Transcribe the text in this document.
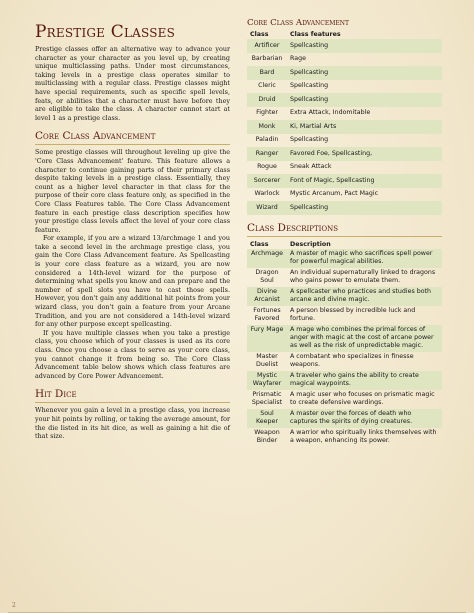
Prestige Classes

Prestige classes offer an alternative way to advance your character as your character as you level up, by creating unique multiclassing paths. Under most circumstances, taking levels in a prestige class operates similar to multiclassing with a regular class. Prestige classes might have special requirements, such as specific spell levels, feats, or abilities that a character must have before they are eligible to take the class. A character cannot start at level 1 as a prestige class.

Core Class Advancement

Some prestige classes will throughout leveling up give the 'Core Class Advancement' feature. This feature allows a character to continue gaining parts of their primary class despite taking levels in a prestige class. Essentially, they count as a higher level character in that class for the purpose of their core class feature only, as specified in the Core Class Features table. The Core Class Advancement feature in each prestige class description specifies how your prestige class levels affect the level of your core class feature.

For example, if you are a wizard 13/archmage 1 and you take a second level in the archmage prestige class, you gain the Core Class Advancement feature. As Spellcasting is your core class feature as a wizard, you are now considered a 14th-level wizard for the purpose of determining what spells you know and can prepare and the number of spell slots you have to cast those spells. However, you don't gain any additional hit points from your wizard class, you don't gain a feature from your Arcane Tradition, and you are not considered a 14th-level wizard for any other purpose except spellcasting.

If you have multiple classes when you take a prestige class, you choose which of your classes is used as its core class. Once you choose a class to serve as your core class, you cannot change it from being so. The Core Class Advancement table below shows which class features are advanced by Core Power Advancement.

Hit Dice

Whenever you gain a level in a prestige class, you increase your hit points by rolling, or taking the average amount, for the die listed in its hit dice, as well as gaining a hit die of that size.

Core Class Advancement
Class	Class features
Artificer	Spellcasting
Barbarian	Rage
Bard	Spellcasting
Cleric	Spellcasting
Druid	Spellcasting
Fighter	Extra Attack, Indomitable
Monk	Ki, Martial Arts
Paladin	Spellcasting
Ranger	Favored Foe, Spellcasting,
Rogue	Sneak Attack
Sorcerer	Font of Magic, Spellcasting
Warlock	Mystic Arcanum, Pact Magic
Wizard	Spellcasting
Class Descriptions
Class	Description
Archmage	A master of magic who sacrifices spell power for powerful magical abilities.
Dragon Soul	An individual supernaturally linked to dragons who gains power to emulate them.
Divine Arcanist	A spellcaster who practices and studies both arcane and divine magic.
Fortunes Favored	A person blessed by incredible luck and fortune.
Fury Mage	A mage who combines the primal forces of anger with magic at the cost of arcane power as well as the risk of unpredictable magic.
Master Duelist	A combatant who specializes in finesse weapons.
Mystic Wayfarer	A traveler who gains the ability to create magical waypoints.
Prismatic Specialist	A magic user who focuses on prismatic magic to create defensive wardings.
Soul Keeper	A master over the forces of death who captures the spirits of dying creatures.
Weapon Binder	A warrior who spiritually links themselves with a weapon, enhancing its power.
2
